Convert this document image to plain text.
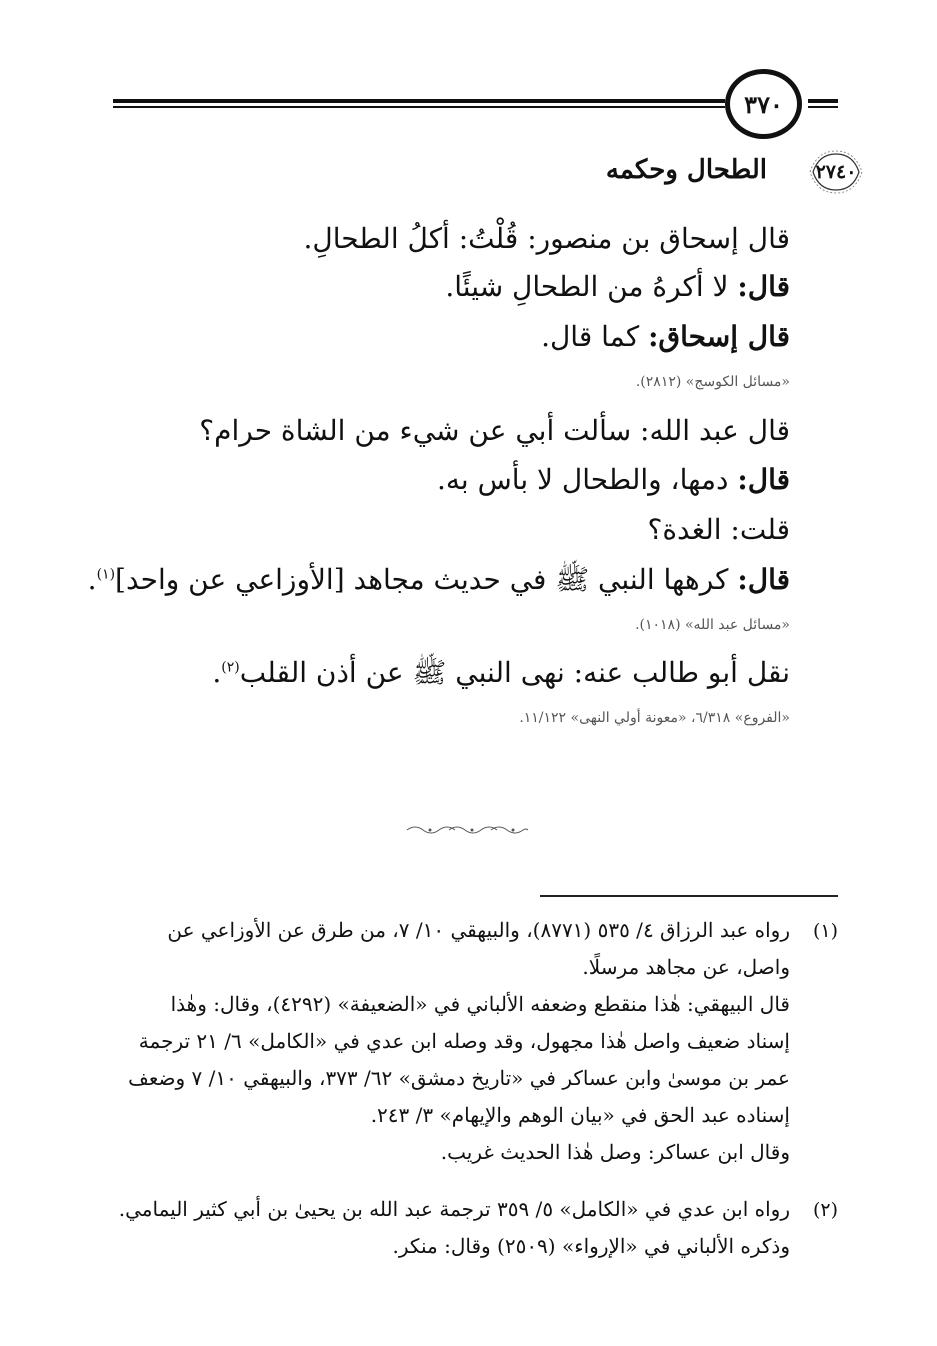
٣٧٠
٢٧٤٠
الطحال وحكمه
قال إسحاق بن منصور: قُلْتُ: أكلُ الطحالِ.
قال: لا أكرهُ من الطحالِ شيئًا.
قال إسحاق: كما قال.
«مسائل الكوسج» (٢٨١٢).
قال عبد الله: سألت أبي عن شيء من الشاة حرام؟
قال: دمها، والطحال لا بأس به.
قلت: الغدة؟
قال: كرهها النبي ﷺ في حديث مجاهد [الأوزاعي عن واحد]$^{(١)}$.
«مسائل عبد الله» (١٠١٨).
نقل أبو طالب عنه: نهى النبي ﷺ عن أذن القلب$^{(٢)}$.
«الفروع» ٦/٣١٨، «معونة أولي النهى» ١١/١٢٢.
(١)
رواه عبد الرزاق ٤/ ٥٣٥ (٨٧٧١)، والبيهقي ١٠/ ٧، من طرق عن الأوزاعي عن
واصل، عن مجاهد مرسلًا.
قال البيهقي: هٰذا منقطع وضعفه الألباني في «الضعيفة» (٤٢٩٢)، وقال: وهٰذا
إسناد ضعيف واصل هٰذا مجهول، وقد وصله ابن عدي في «الكامل» ٦/ ٢١ ترجمة
عمر بن موسىٰ وابن عساكر في «تاريخ دمشق» ٦٢/ ٣٧٣، والبيهقي ١٠/ ٧ وضعف
إسناده عبد الحق في «بيان الوهم والإيهام» ٣/ ٢٤٣.
وقال ابن عساكر: وصل هٰذا الحديث غريب.
(٢)
رواه ابن عدي في «الكامل» ٥/ ٣٥٩ ترجمة عبد الله بن يحيىٰ بن أبي كثير اليمامي.
وذكره الألباني في «الإرواء» (٢٥٠٩) وقال: منكر.
